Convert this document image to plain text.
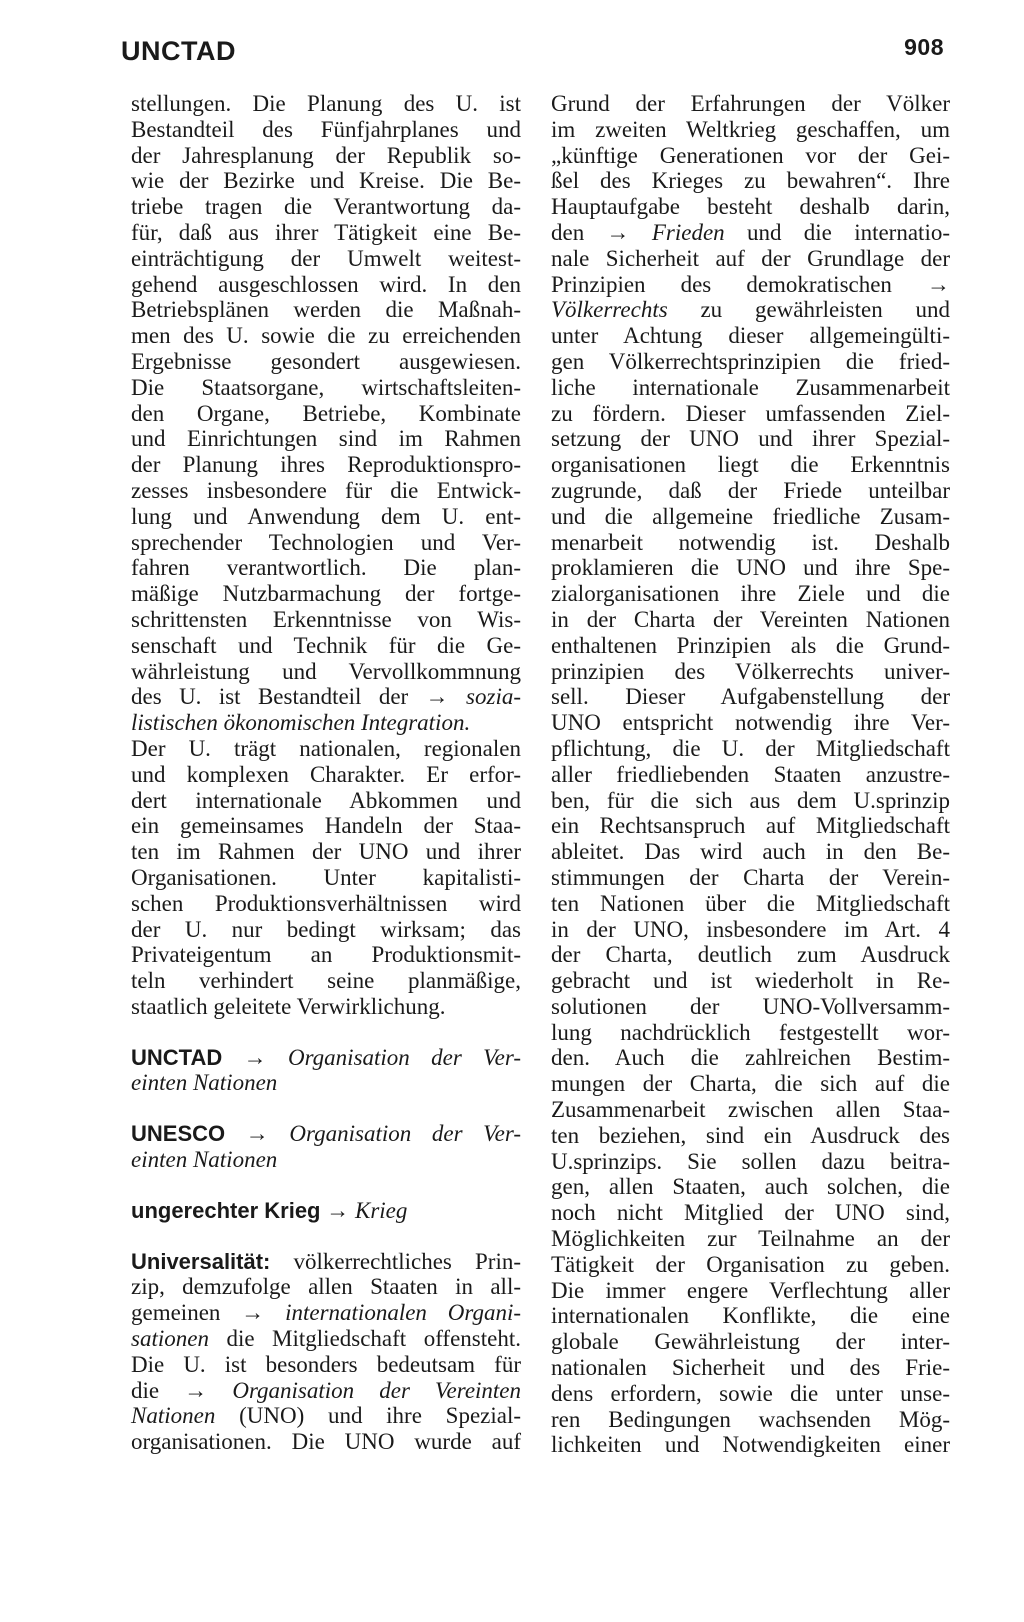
UNCTAD	908
stellungen. Die Planung des U. ist
Bestandteil des Fünfjahrplanes und
der Jahresplanung der Republik so-
wie der Bezirke und Kreise. Die Be-
triebe tragen die Verantwortung da-
für, daß aus ihrer Tätigkeit eine Be-
einträchtigung der Umwelt weitest-
gehend ausgeschlossen wird. In den
Betriebsplänen werden die Maßnah-
men des U. sowie die zu erreichenden
Ergebnisse gesondert ausgewiesen.
Die Staatsorgane, wirtschaftsleiten-
den Organe, Betriebe, Kombinate
und Einrichtungen sind im Rahmen
der Planung ihres Reproduktionspro-
zesses insbesondere für die Entwick-
lung und Anwendung dem U. ent-
sprechender Technologien und Ver-
fahren verantwortlich. Die plan-
mäßige Nutzbarmachung der fortge-
schrittensten Erkenntnisse von Wis-
senschaft und Technik für die Ge-
währleistung und Vervollkommnung
des U. ist Bestandteil der → sozia-
listischen ökonomischen Integration.
Der U. trägt nationalen, regionalen
und komplexen Charakter. Er erfor-
dert internationale Abkommen und
ein gemeinsames Handeln der Staa-
ten im Rahmen der UNO und ihrer
Organisationen. Unter kapitalisti-
schen Produktionsverhältnissen wird
der U. nur bedingt wirksam; das
Privateigentum an Produktionsmit-
teln verhindert seine planmäßige,
staatlich geleitete Verwirklichung.
UNCTAD → Organisation der Ver-
einten Nationen
UNESCO → Organisation der Ver-
einten Nationen
ungerechter Krieg → Krieg
Universalität: völkerrechtliches Prin-
zip, demzufolge allen Staaten in all-
gemeinen → internationalen Organi-
sationen die Mitgliedschaft offensteht.
Die U. ist besonders bedeutsam für
die → Organisation der Vereinten
Nationen (UNO) und ihre Spezial-
organisationen. Die UNO wurde auf
Grund der Erfahrungen der Völker
im zweiten Weltkrieg geschaffen, um
„künftige Generationen vor der Gei-
ßel des Krieges zu bewahren“. Ihre
Hauptaufgabe besteht deshalb darin,
den → Frieden und die internatio-
nale Sicherheit auf der Grundlage der
Prinzipien des demokratischen →
Völkerrechts zu gewährleisten und
unter Achtung dieser allgemeingülti-
gen Völkerrechtsprinzipien die fried-
liche internationale Zusammenarbeit
zu fördern. Dieser umfassenden Ziel-
setzung der UNO und ihrer Spezial-
organisationen liegt die Erkenntnis
zugrunde, daß der Friede unteilbar
und die allgemeine friedliche Zusam-
menarbeit notwendig ist. Deshalb
proklamieren die UNO und ihre Spe-
zialorganisationen ihre Ziele und die
in der Charta der Vereinten Nationen
enthaltenen Prinzipien als die Grund-
prinzipien des Völkerrechts univer-
sell. Dieser Aufgabenstellung der
UNO entspricht notwendig ihre Ver-
pflichtung, die U. der Mitgliedschaft
aller friedliebenden Staaten anzustre-
ben, für die sich aus dem U.sprinzip
ein Rechtsanspruch auf Mitgliedschaft
ableitet. Das wird auch in den Be-
stimmungen der Charta der Verein-
ten Nationen über die Mitgliedschaft
in der UNO, insbesondere im Art. 4
der Charta, deutlich zum Ausdruck
gebracht und ist wiederholt in Re-
solutionen der UNO-Vollversamm-
lung nachdrücklich festgestellt wor-
den. Auch die zahlreichen Bestim-
mungen der Charta, die sich auf die
Zusammenarbeit zwischen allen Staa-
ten beziehen, sind ein Ausdruck des
U.sprinzips. Sie sollen dazu beitra-
gen, allen Staaten, auch solchen, die
noch nicht Mitglied der UNO sind,
Möglichkeiten zur Teilnahme an der
Tätigkeit der Organisation zu geben.
Die immer engere Verflechtung aller
internationalen Konflikte, die eine
globale Gewährleistung der inter-
nationalen Sicherheit und des Frie-
dens erfordern, sowie die unter unse-
ren Bedingungen wachsenden Mög-
lichkeiten und Notwendigkeiten einer
